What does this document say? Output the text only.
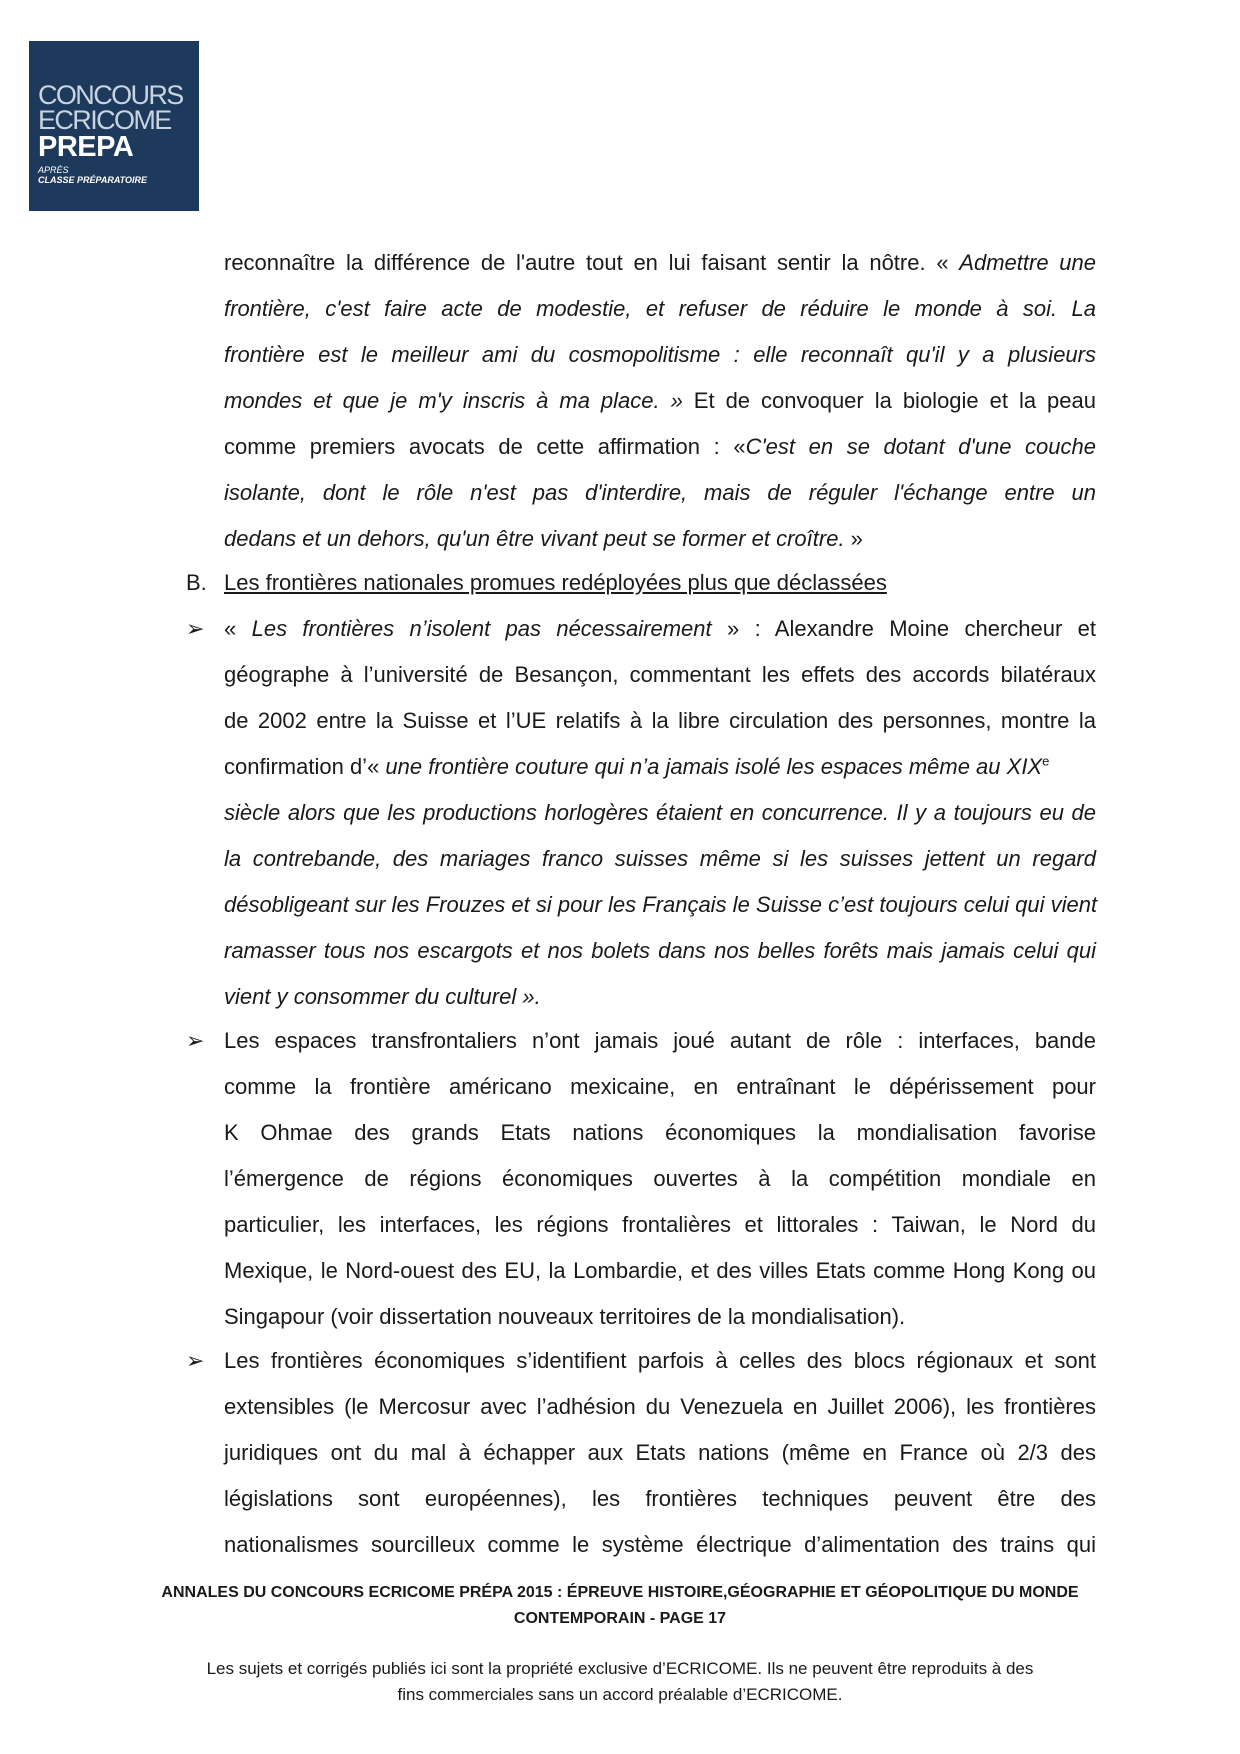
CONCOURS
ECRICOME
PREPA
APRÈS
CLASSE PRÉPARATOIRE
reconnaître la différence de l'autre tout en lui faisant sentir la nôtre. « Admettre une
frontière, c'est faire acte de modestie, et refuser de réduire le monde à soi. La
frontière est le meilleur ami du cosmopolitisme : elle reconnaît qu'il y a plusieurs
mondes et que je m'y inscris à ma place. » Et de convoquer la biologie et la peau
comme premiers avocats de cette affirmation : «C'est en se dotant d'une couche
isolante, dont le rôle n'est pas d'interdire, mais de réguler l'échange entre un
dedans et un dehors, qu'un être vivant peut se former et croître. »
B. Les frontières nationales promues redéployées plus que déclassées
➢ « Les frontières n’isolent pas nécessairement » : Alexandre Moine chercheur et
géographe à l’université de Besançon, commentant les effets des accords bilatéraux
de 2002 entre la Suisse et l’UE relatifs à la libre circulation des personnes, montre la
confirmation d’« une frontière couture qui n’a jamais isolé les espaces même au XIXe
siècle alors que les productions horlogères étaient en concurrence. Il y a toujours eu de
la contrebande, des mariages franco suisses même si les suisses jettent un regard
désobligeant sur les Frouzes et si pour les Français le Suisse c’est toujours celui qui vient
ramasser tous nos escargots et nos bolets dans nos belles forêts mais jamais celui qui
vient y consommer du culturel ».
➢ Les espaces transfrontaliers n’ont jamais joué autant de rôle : interfaces, bande
comme la frontière américano mexicaine, en entraînant le dépérissement pour
K Ohmae des grands Etats nations économiques la mondialisation favorise
l’émergence de régions économiques ouvertes à la compétition mondiale en
particulier, les interfaces, les régions frontalières et littorales : Taiwan, le Nord du
Mexique, le Nord-ouest des EU, la Lombardie, et des villes Etats comme Hong Kong ou
Singapour (voir dissertation nouveaux territoires de la mondialisation).
➢ Les frontières économiques s’identifient parfois à celles des blocs régionaux et sont
extensibles (le Mercosur avec l’adhésion du Venezuela en Juillet 2006), les frontières
juridiques ont du mal à échapper aux Etats nations (même en France où 2/3 des
législations sont européennes), les frontières techniques peuvent être des
nationalismes sourcilleux comme le système électrique d’alimentation des trains qui
ANNALES DU CONCOURS ECRICOME PRÉPA 2015 : ÉPREUVE HISTOIRE,GÉOGRAPHIE ET GÉOPOLITIQUE DU MONDE
CONTEMPORAIN - PAGE 17
Les sujets et corrigés publiés ici sont la propriété exclusive d’ECRICOME. Ils ne peuvent être reproduits à des
fins commerciales sans un accord préalable d’ECRICOME.
